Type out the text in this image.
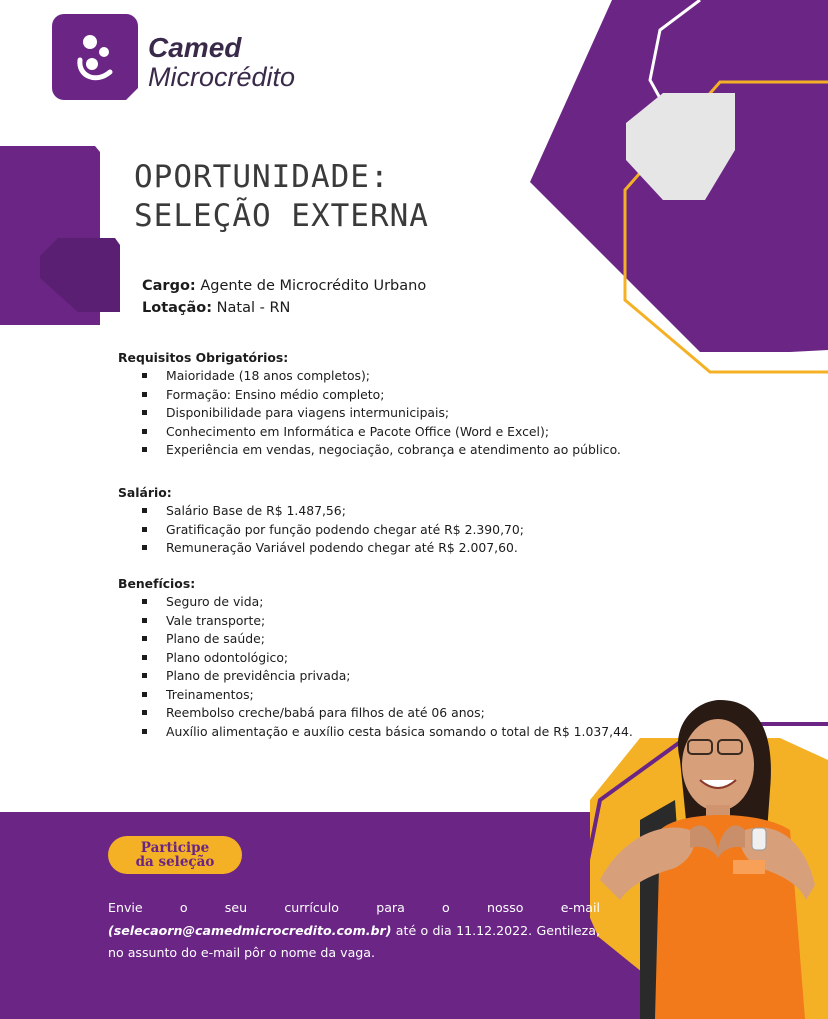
Camed
Microcrédito
OPORTUNIDADE:
SELEÇÃO EXTERNA
Cargo: Agente de Microcrédito Urbano
Lotação: Natal - RN
Requisitos Obrigatórios:
Maioridade (18 anos completos);
Formação: Ensino médio completo;
Disponibilidade para viagens intermunicipais;
Conhecimento em Informática e Pacote Office (Word e Excel);
Experiência em vendas, negociação, cobrança e atendimento ao público.
Salário:
Salário Base de R$ 1.487,56;
Gratificação por função podendo chegar até R$ 2.390,70;
Remuneração Variável podendo chegar até R$ 2.007,60.
Benefícios:
Seguro de vida;
Vale transporte;
Plano de saúde;
Plano odontológico;
Plano de previdência privada;
Treinamentos;
Reembolso creche/babá para filhos de até 06 anos;
Auxílio alimentação e auxílio cesta básica somando o total de R$ 1.037,44.
Participe
da seleção
Envie o seu currículo para o nosso e-mail (selecaorn@camedmicrocredito.com.br) até o dia 11.12.2022. Gentileza, no assunto do e-mail pôr o nome da vaga.
